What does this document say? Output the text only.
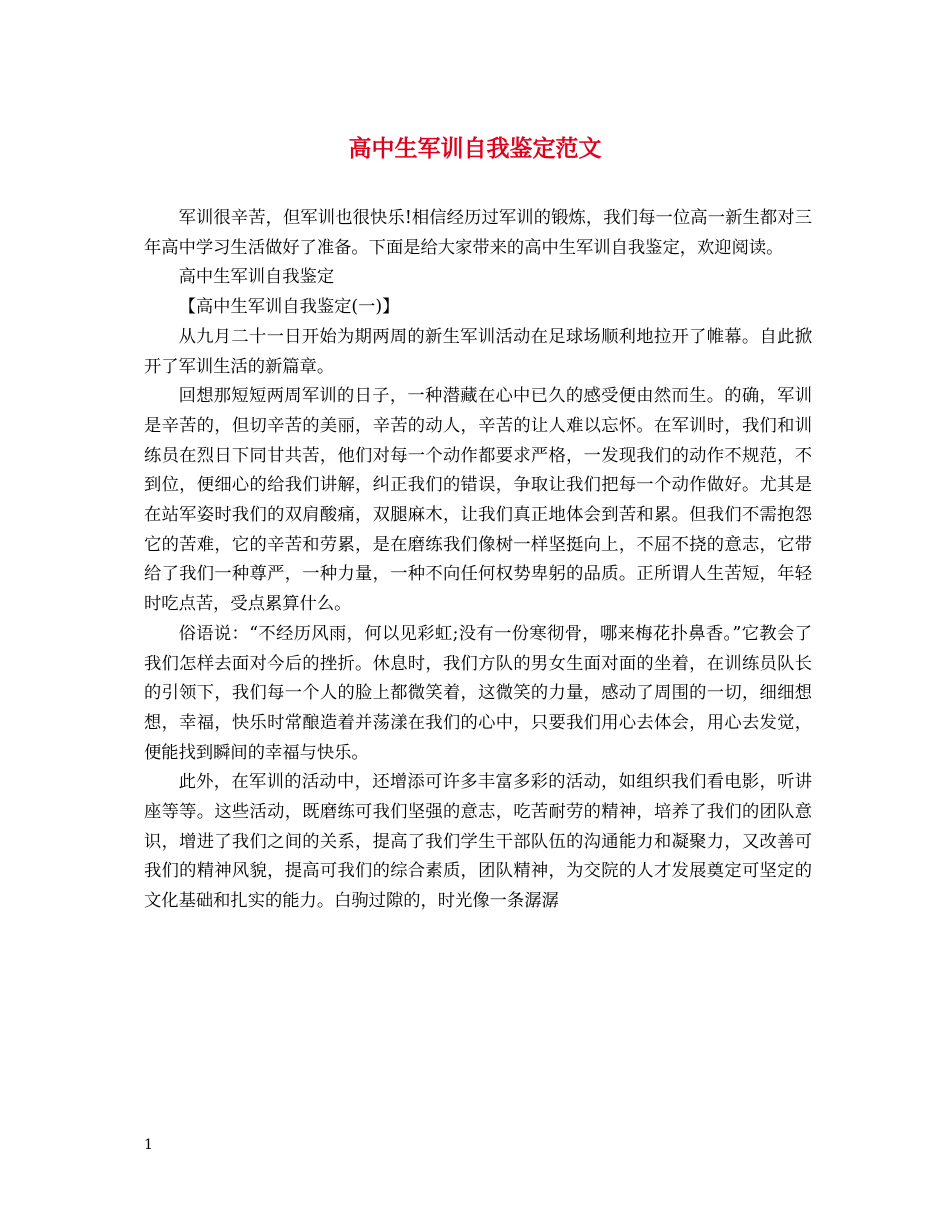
高中生军训自我鉴定范文

军训很辛苦，但军训也很快乐!相信经历过军训的锻炼，我们每一位高一新生都对三年高中学习生活做好了准备。下面是给大家带来的高中生军训自我鉴定，欢迎阅读。

高中生军训自我鉴定

【高中生军训自我鉴定(一)】

从九月二十一日开始为期两周的新生军训活动在足球场顺利地拉开了帷幕。自此掀开了军训生活的新篇章。

回想那短短两周军训的日子，一种潜藏在心中已久的感受便由然而生。的确，军训是辛苦的，但切辛苦的美丽，辛苦的动人，辛苦的让人难以忘怀。在军训时，我们和训练员在烈日下同甘共苦，他们对每一个动作都要求严格，一发现我们的动作不规范，不到位，便细心的给我们讲解，纠正我们的错误，争取让我们把每一个动作做好。尤其是在站军姿时我们的双肩酸痛，双腿麻木，让我们真正地体会到苦和累。但我们不需抱怨它的苦难，它的辛苦和劳累，是在磨练我们像树一样坚挺向上，不屈不挠的意志，它带给了我们一种尊严，一种力量，一种不向任何权势卑躬的品质。正所谓人生苦短，年轻时吃点苦，受点累算什么。

俗语说：“不经历风雨，何以见彩虹;没有一份寒彻骨，哪来梅花扑鼻香。”它教会了我们怎样去面对今后的挫折。休息时，我们方队的男女生面对面的坐着，在训练员队长的引领下，我们每一个人的脸上都微笑着，这微笑的力量，感动了周围的一切，细细想想，幸福，快乐时常酿造着并荡漾在我们的心中，只要我们用心去体会，用心去发觉，便能找到瞬间的幸福与快乐。

此外，在军训的活动中，还增添可许多丰富多彩的活动，如组织我们看电影，听讲座等等。这些活动，既磨练可我们坚强的意志，吃苦耐劳的精神，培养了我们的团队意识，增进了我们之间的关系，提高了我们学生干部队伍的沟通能力和凝聚力，又改善可我们的精神风貌，提高可我们的综合素质，团队精神，为交院的人才发展奠定可坚定的文化基础和扎实的能力。白驹过隙的，时光像一条潺潺

1
